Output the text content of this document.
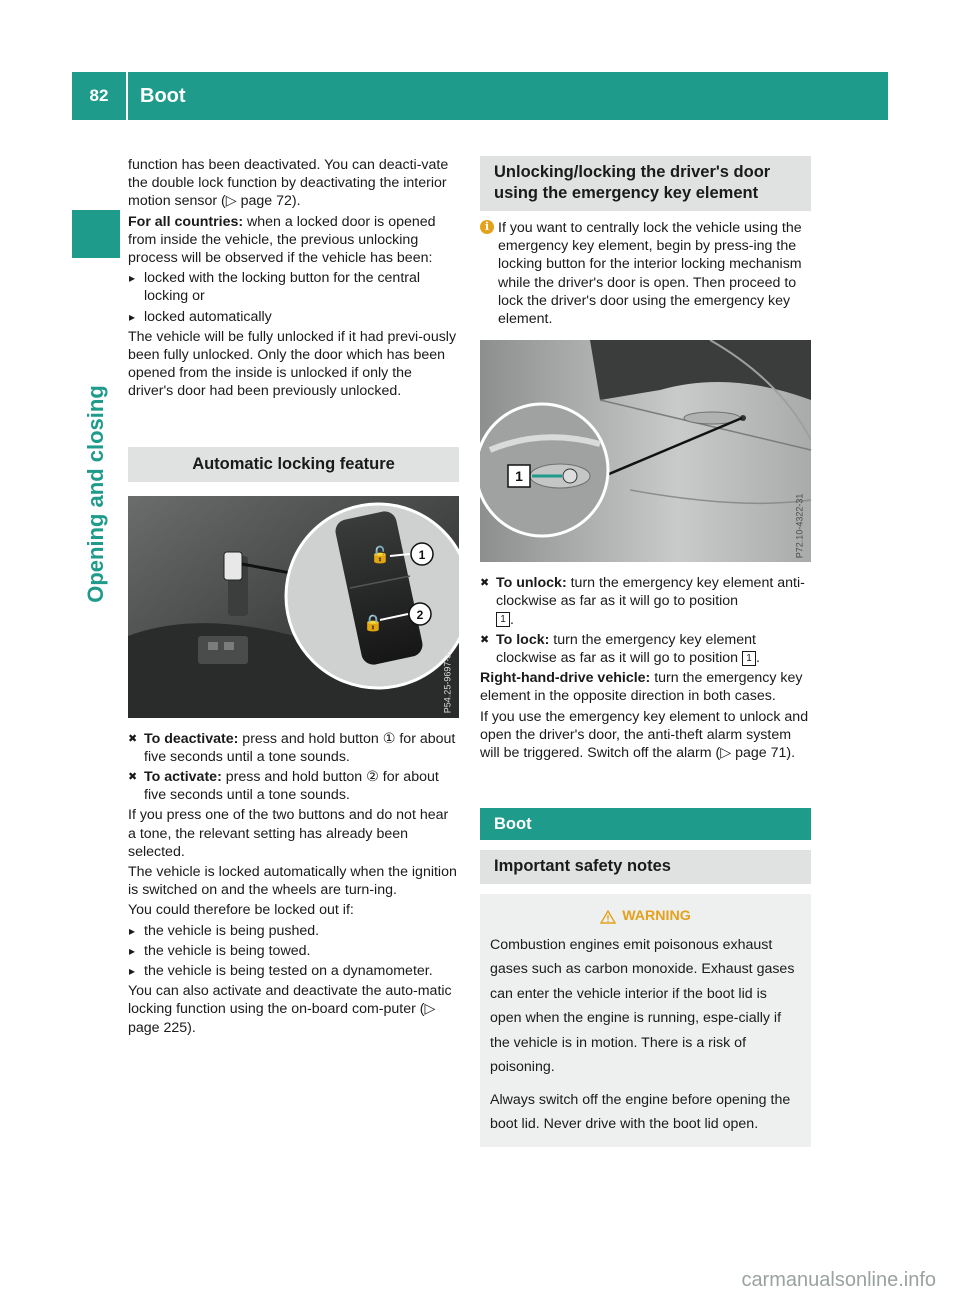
82	Boot
Opening and closing

function has been deactivated. You can deacti-vate the double lock function by deactivating the interior motion sensor (▷ page 72).

For all countries: when a locked door is opened from inside the vehicle, the previous unlocking process will be observed if the vehicle has been:

▸ locked with the locking button for the central locking or
▸ locked automatically

The vehicle will be fully unlocked if it had previ-ously been fully unlocked. Only the door which has been opened from the inside is unlocked if only the driver's door had been previously unlocked.

Automatic locking feature
🔓
🔒
1
2
P54.25-9697-31
✖ To deactivate: press and hold button ① for about five seconds until a tone sounds.
✖ To activate: press and hold button ② for about five seconds until a tone sounds.

If you press one of the two buttons and do not hear a tone, the relevant setting has already been selected.

The vehicle is locked automatically when the ignition is switched on and the wheels are turn-ing.

You could therefore be locked out if:

▸ the vehicle is being pushed.
▸ the vehicle is being towed.
▸ the vehicle is being tested on a dynamometer.

You can also activate and deactivate the auto-matic locking function using the on-board com-puter (▷ page 225).

Unlocking/locking the driver's door
using the emergency key element
i If you want to centrally lock the vehicle using the emergency key element, begin by press-ing the locking button for the interior locking mechanism while the driver's door is open. Then proceed to lock the driver's door using the emergency key element.
1
P72.10-4322-31
✖ To unlock: turn the emergency key element anti-clockwise as far as it will go to position
1 .
✖ To lock: turn the emergency key element clockwise as far as it will go to position 1 .

Right-hand-drive vehicle: turn the emergency key element in the opposite direction in both cases.

If you use the emergency key element to unlock and open the driver's door, the anti-theft alarm system will be triggered. Switch off the alarm (▷ page 71).

Boot
Important safety notes
WARNING

Combustion engines emit poisonous exhaust gases such as carbon monoxide. Exhaust gases can enter the vehicle interior if the boot lid is open when the engine is running, espe-cially if the vehicle is in motion. There is a risk of poisoning.

Always switch off the engine before opening the boot lid. Never drive with the boot lid open.

carmanualsonline.info
